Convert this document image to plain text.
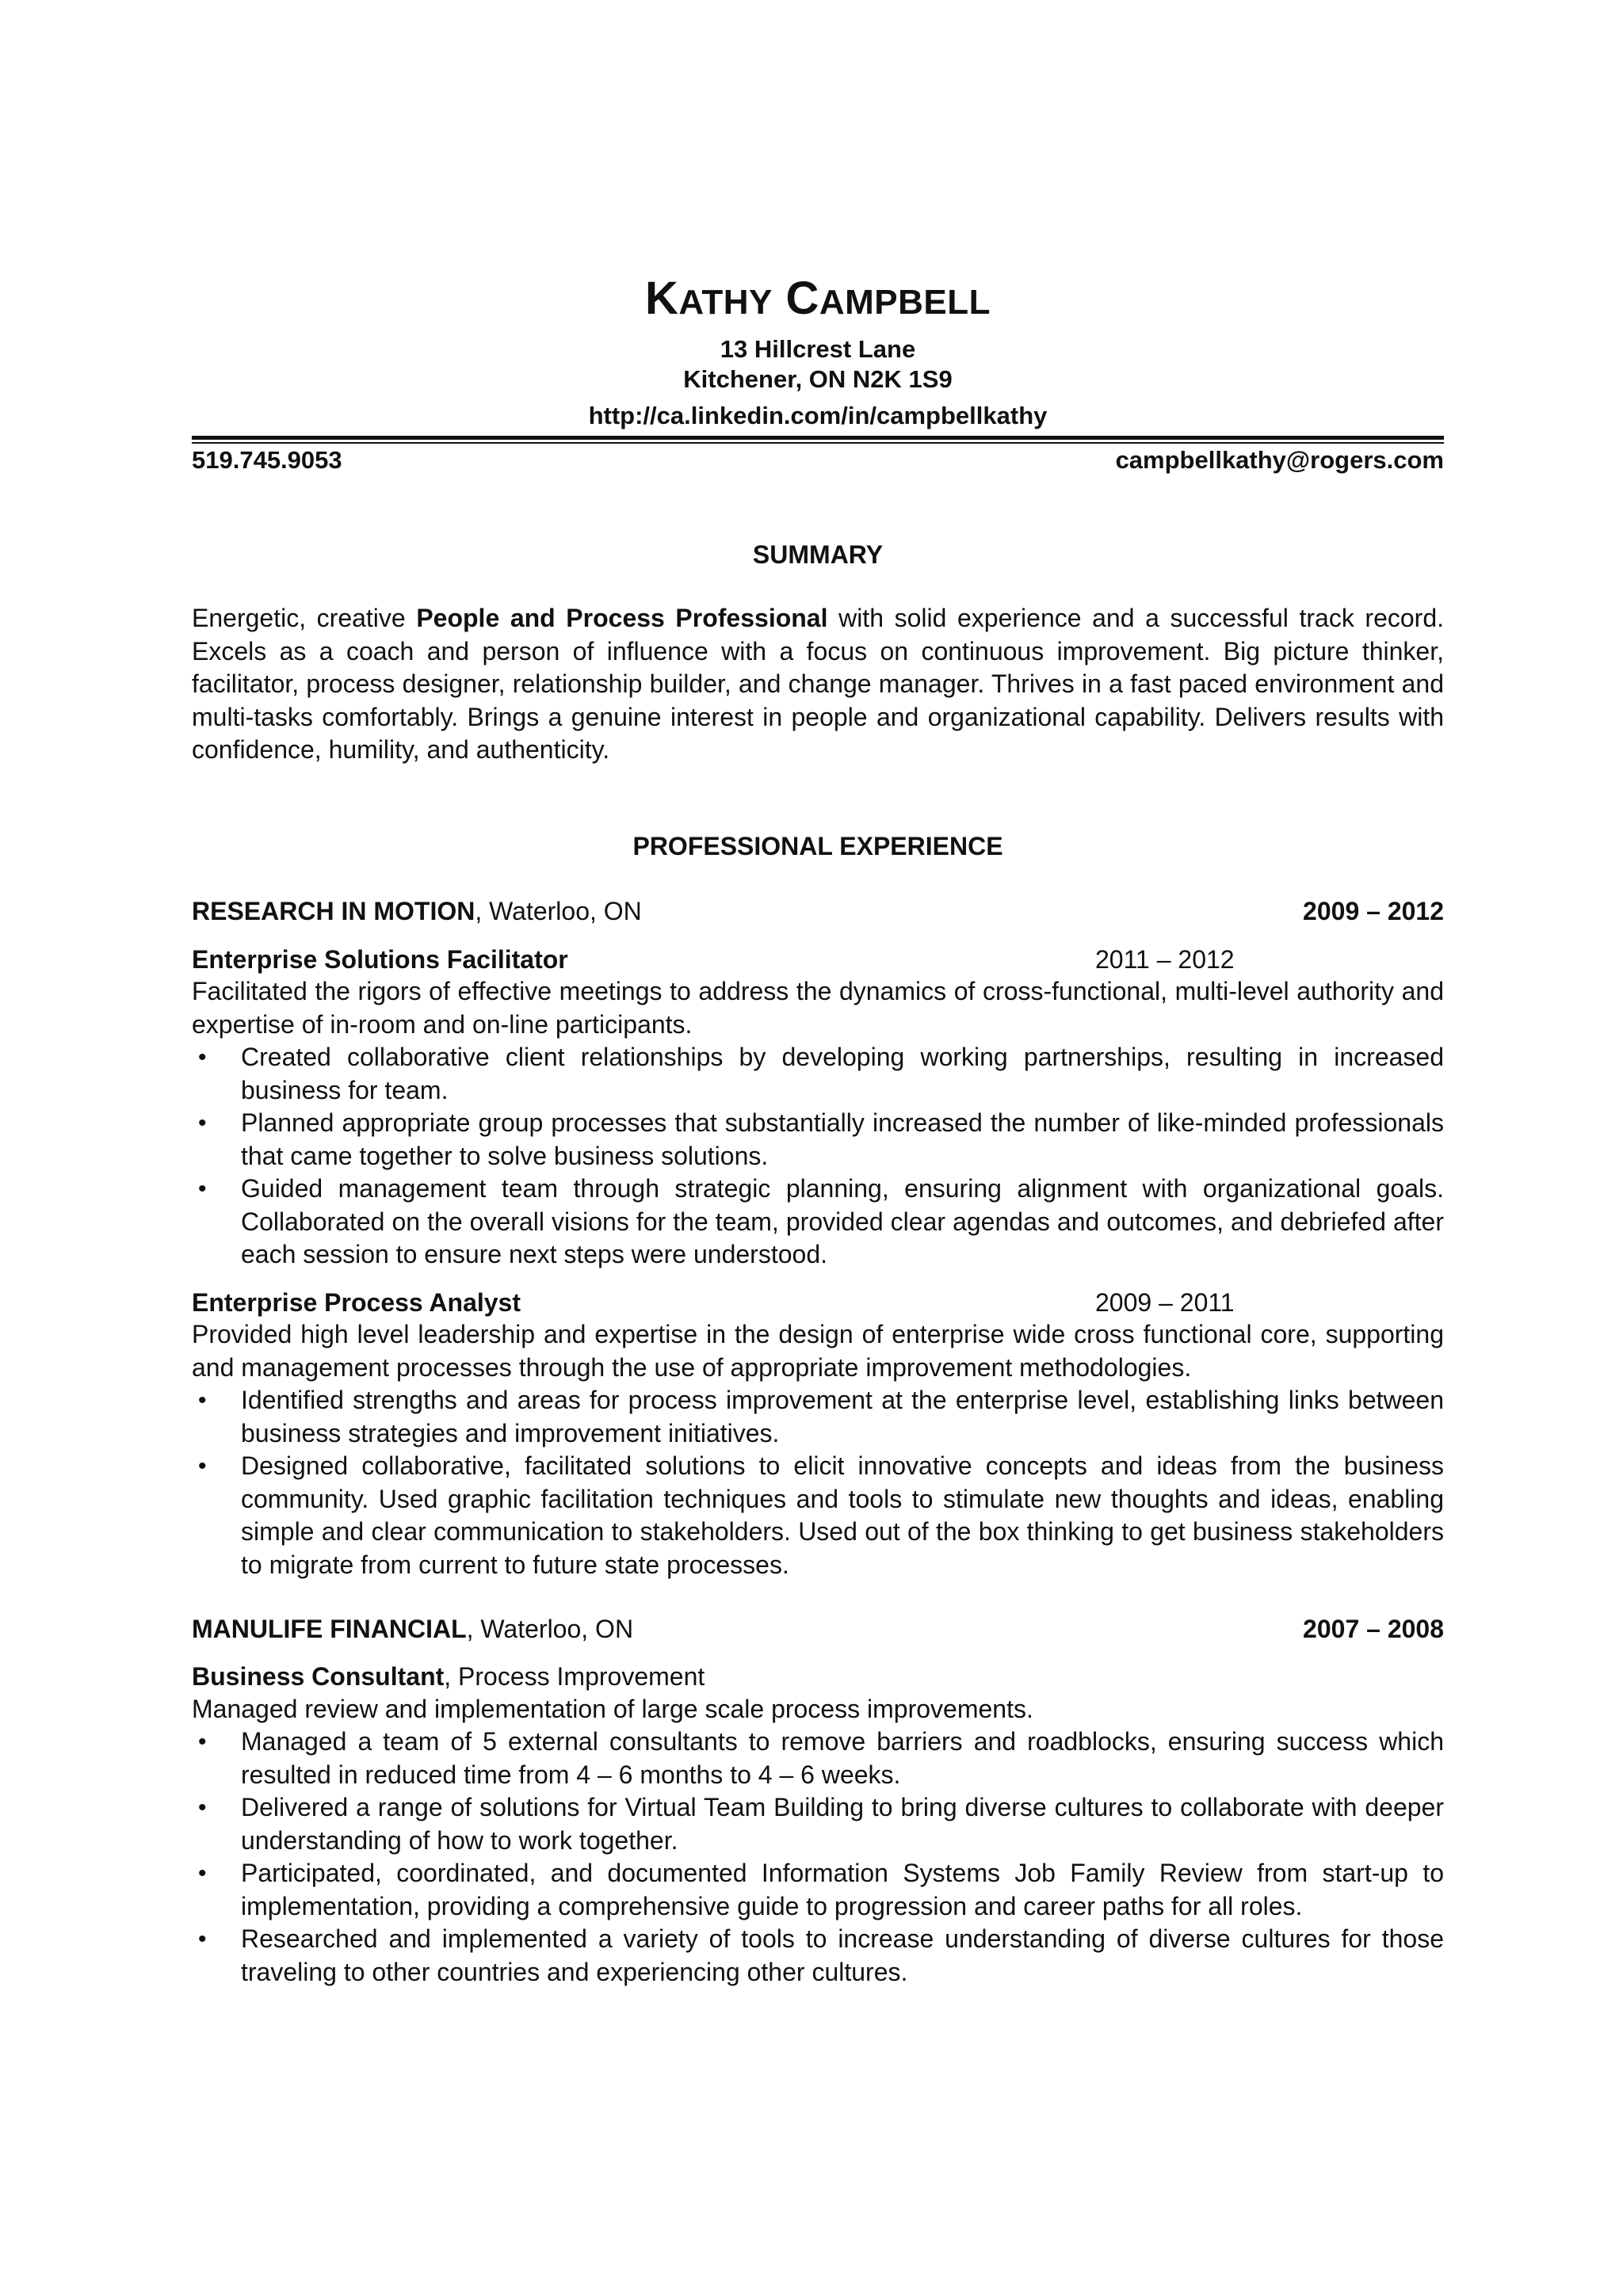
KATHY CAMPBELL
13 Hillcrest Lane
Kitchener, ON N2K 1S9
http://ca.linkedin.com/in/campbellkathy
519.745.9053	campbellkathy@rogers.com
SUMMARY
Energetic, creative People and Process Professional with solid experience and a successful track record. Excels as a coach and person of influence with a focus on continuous improvement. Big picture thinker, facilitator, process designer, relationship builder, and change manager. Thrives in a fast paced environment and multi-tasks comfortably. Brings a genuine interest in people and organizational capability. Delivers results with confidence, humility, and authenticity.
PROFESSIONAL EXPERIENCE
RESEARCH IN MOTION, Waterloo, ON	2009 – 2012
Enterprise Solutions Facilitator	2011 – 2012
Facilitated the rigors of effective meetings to address the dynamics of cross-functional, multi-level authority and expertise of in-room and on-line participants.
• Created collaborative client relationships by developing working partnerships, resulting in increased business for team.
• Planned appropriate group processes that substantially increased the number of like-minded professionals that came together to solve business solutions.
• Guided management team through strategic planning, ensuring alignment with organizational goals. Collaborated on the overall visions for the team, provided clear agendas and outcomes, and debriefed after each session to ensure next steps were understood.
Enterprise Process Analyst	2009 – 2011
Provided high level leadership and expertise in the design of enterprise wide cross functional core, supporting and management processes through the use of appropriate improvement methodologies.
• Identified strengths and areas for process improvement at the enterprise level, establishing links between business strategies and improvement initiatives.
• Designed collaborative, facilitated solutions to elicit innovative concepts and ideas from the business community. Used graphic facilitation techniques and tools to stimulate new thoughts and ideas, enabling simple and clear communication to stakeholders. Used out of the box thinking to get business stakeholders to migrate from current to future state processes.
MANULIFE FINANCIAL, Waterloo, ON	2007 – 2008
Business Consultant, Process Improvement
Managed review and implementation of large scale process improvements.
• Managed a team of 5 external consultants to remove barriers and roadblocks, ensuring success which resulted in reduced time from 4 – 6 months to 4 – 6 weeks.
• Delivered a range of solutions for Virtual Team Building to bring diverse cultures to collaborate with deeper understanding of how to work together.
• Participated, coordinated, and documented Information Systems Job Family Review from start-up to implementation, providing a comprehensive guide to progression and career paths for all roles.
• Researched and implemented a variety of tools to increase understanding of diverse cultures for those traveling to other countries and experiencing other cultures.
